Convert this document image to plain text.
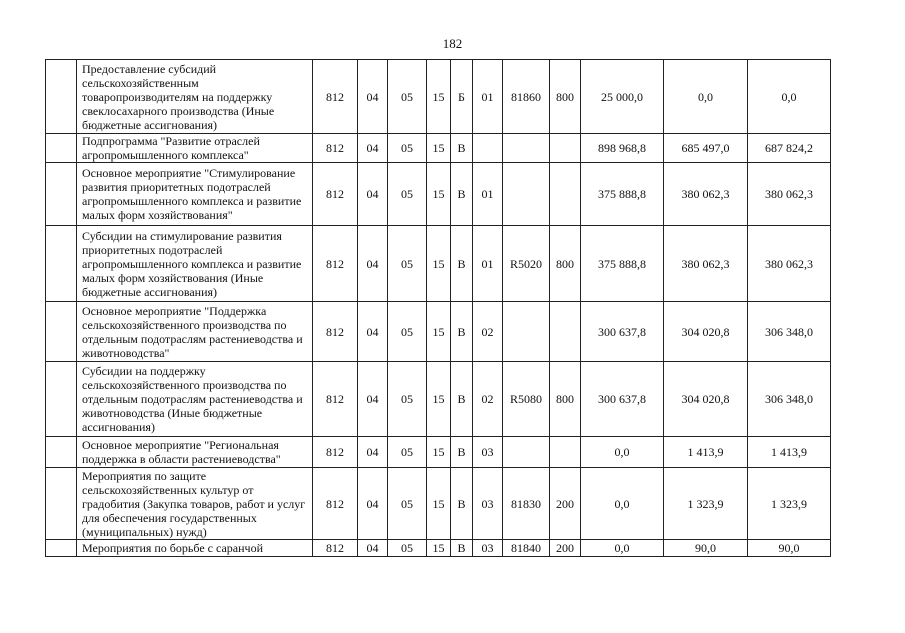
182
	Предоставление субсидий сельскохозяйственным товаропроизводителям на поддержку свеклосахарного производства (Иные бюджетные ассигнования)	812	04	05	15	Б	01	81860	800	25 000,0	0,0	0,0
	Подпрограмма "Развитие отраслей агропромышленного комплекса"	812	04	05	15	В				898 968,8	685 497,0	687 824,2
	Основное мероприятие "Стимулирование развития приоритетных подотраслей агропромышленного комплекса и развитие малых форм хозяйствования"	812	04	05	15	В	01			375 888,8	380 062,3	380 062,3
	Субсидии на стимулирование развития приоритетных подотраслей агропромышленного комплекса и развитие малых форм хозяйствования (Иные бюджетные ассигнования)	812	04	05	15	В	01	R5020	800	375 888,8	380 062,3	380 062,3
	Основное мероприятие "Поддержка сельскохозяйственного производства по отдельным подотраслям растениеводства и животноводства"	812	04	05	15	В	02			300 637,8	304 020,8	306 348,0
	Субсидии на поддержку сельскохозяйственного производства по отдельным подотраслям растениеводства и животноводства (Иные бюджетные ассигнования)	812	04	05	15	В	02	R5080	800	300 637,8	304 020,8	306 348,0
	Основное мероприятие "Региональная поддержка в области растениеводства"	812	04	05	15	В	03			0,0	1 413,9	1 413,9
	Мероприятия по защите сельскохозяйственных культур от градобития (Закупка товаров, работ и услуг для обеспечения государственных (муниципальных) нужд)	812	04	05	15	В	03	81830	200	0,0	1 323,9	1 323,9
	Мероприятия по борьбе с саранчой	812	04	05	15	В	03	81840	200	0,0	90,0	90,0
